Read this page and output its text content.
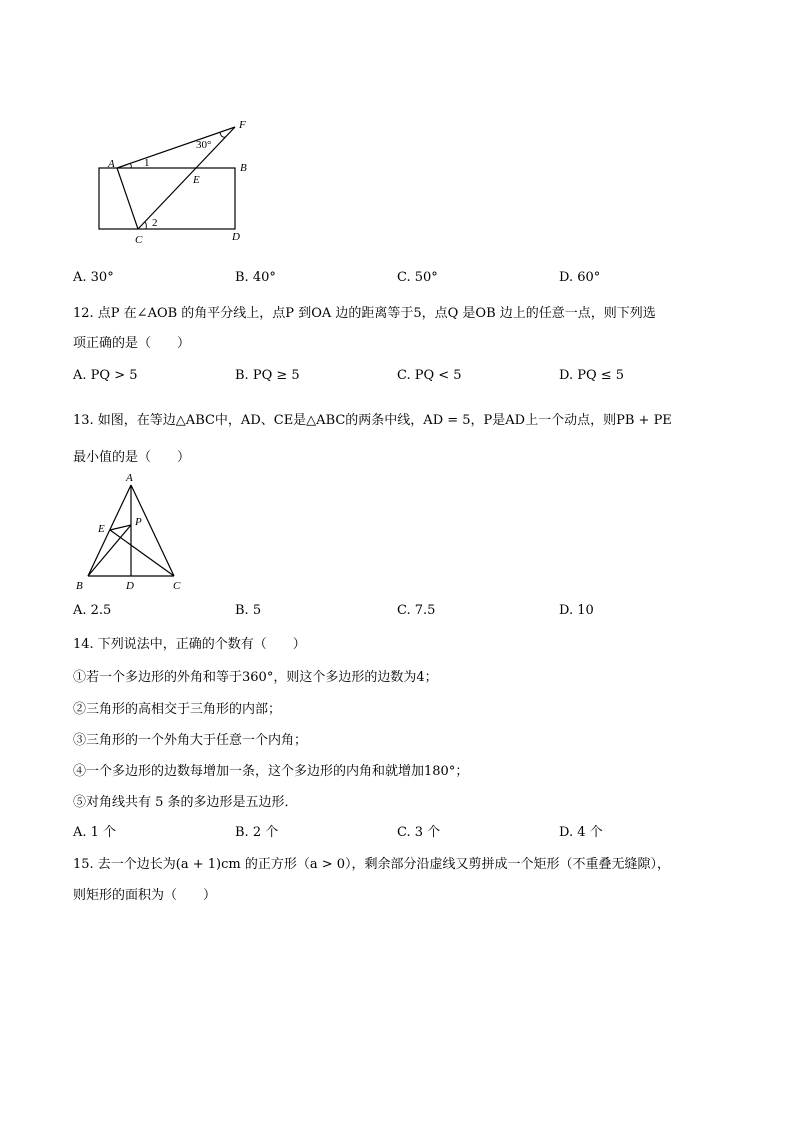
A	B
C	D
E
F
30°
1
2
A. 30°	B. 40°	C. 50°	D. 60°
12. 点P 在∠AOB 的角平分线上，点P 到OA 边的距离等于5，点Q 是OB 边上的任意一点，则下列选
项正确的是（　　）
A. PQ > 5	B. PQ ≥ 5	C. PQ < 5	D. PQ ≤ 5
13. 如图，在等边△ABC中，AD、CE是△ABC的两条中线，AD = 5，P是AD上一个动点，则PB + PE
最小值的是（　　）
A
B	C
D
E
P
A. 2.5	B. 5	C. 7.5	D. 10
14. 下列说法中，正确的个数有（　　）
①若一个多边形的外角和等于360°，则这个多边形的边数为4；
②三角形的高相交于三角形的内部；
③三角形的一个外角大于任意一个内角；
④一个多边形的边数每增加一条，这个多边形的内角和就增加180°；
⑤对角线共有 5 条的多边形是五边形．
A. 1 个	B. 2 个	C. 3 个	D. 4 个
15. 去一个边长为(a + 1)cm 的正方形（a > 0），剩余部分沿虚线又剪拼成一个矩形（不重叠无缝隙），
则矩形的面积为（　　）
